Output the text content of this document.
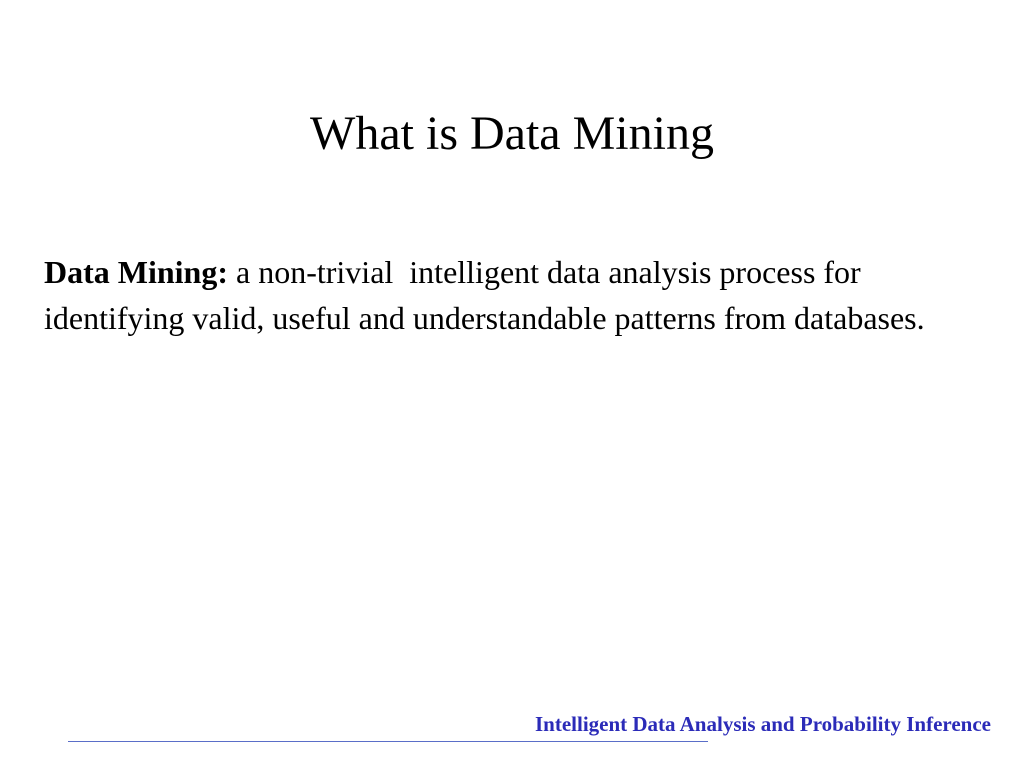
What is Data Mining

Data Mining: a non-trivial  intelligent data analysis process for identifying valid, useful and understandable patterns from databases.

Intelligent Data Analysis and Probability Inference
